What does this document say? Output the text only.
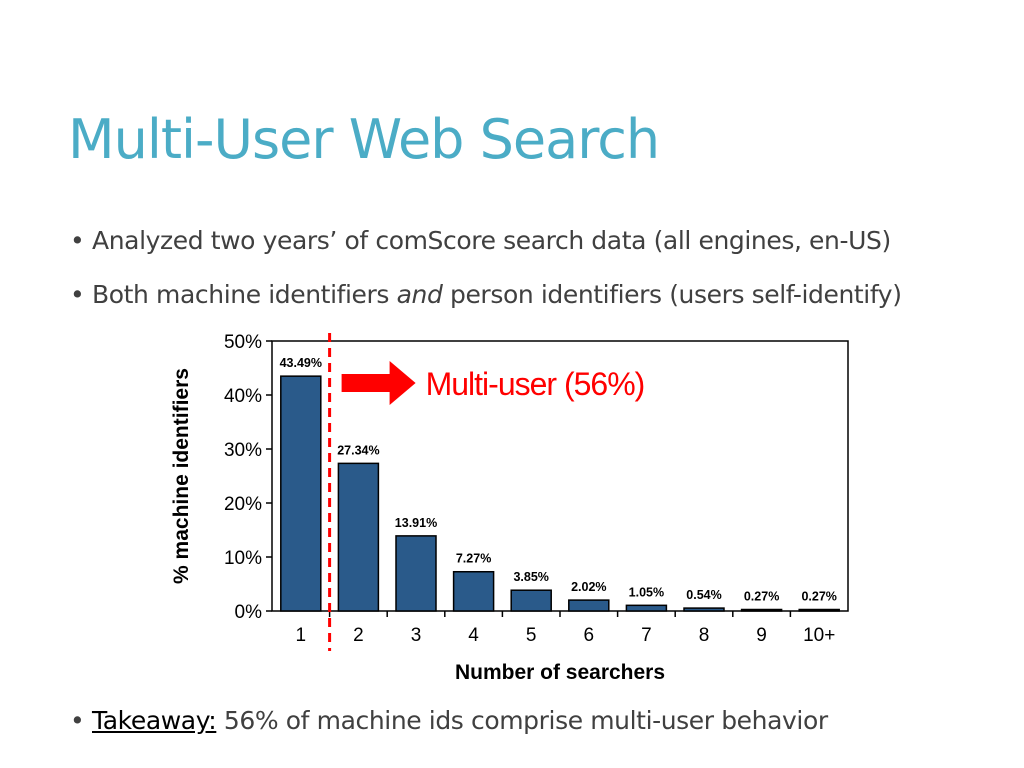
Multi-User Web Search
• Analyzed two years’ of comScore search data (all engines, en-US)
• Both machine identifiers and person identifiers (users self-identify)
0%
10%
20%
30%
40%
50%
43.49%
1
27.34%
2
13.91%
3
7.27%
4
3.85%
5
2.02%
6
1.05%
7
0.54%
8
0.27%
9
0.27%
10+
Number of searchers
% machine identifiers	Multi-user (56%)
• Takeaway: 56% of machine ids comprise multi-user behavior
